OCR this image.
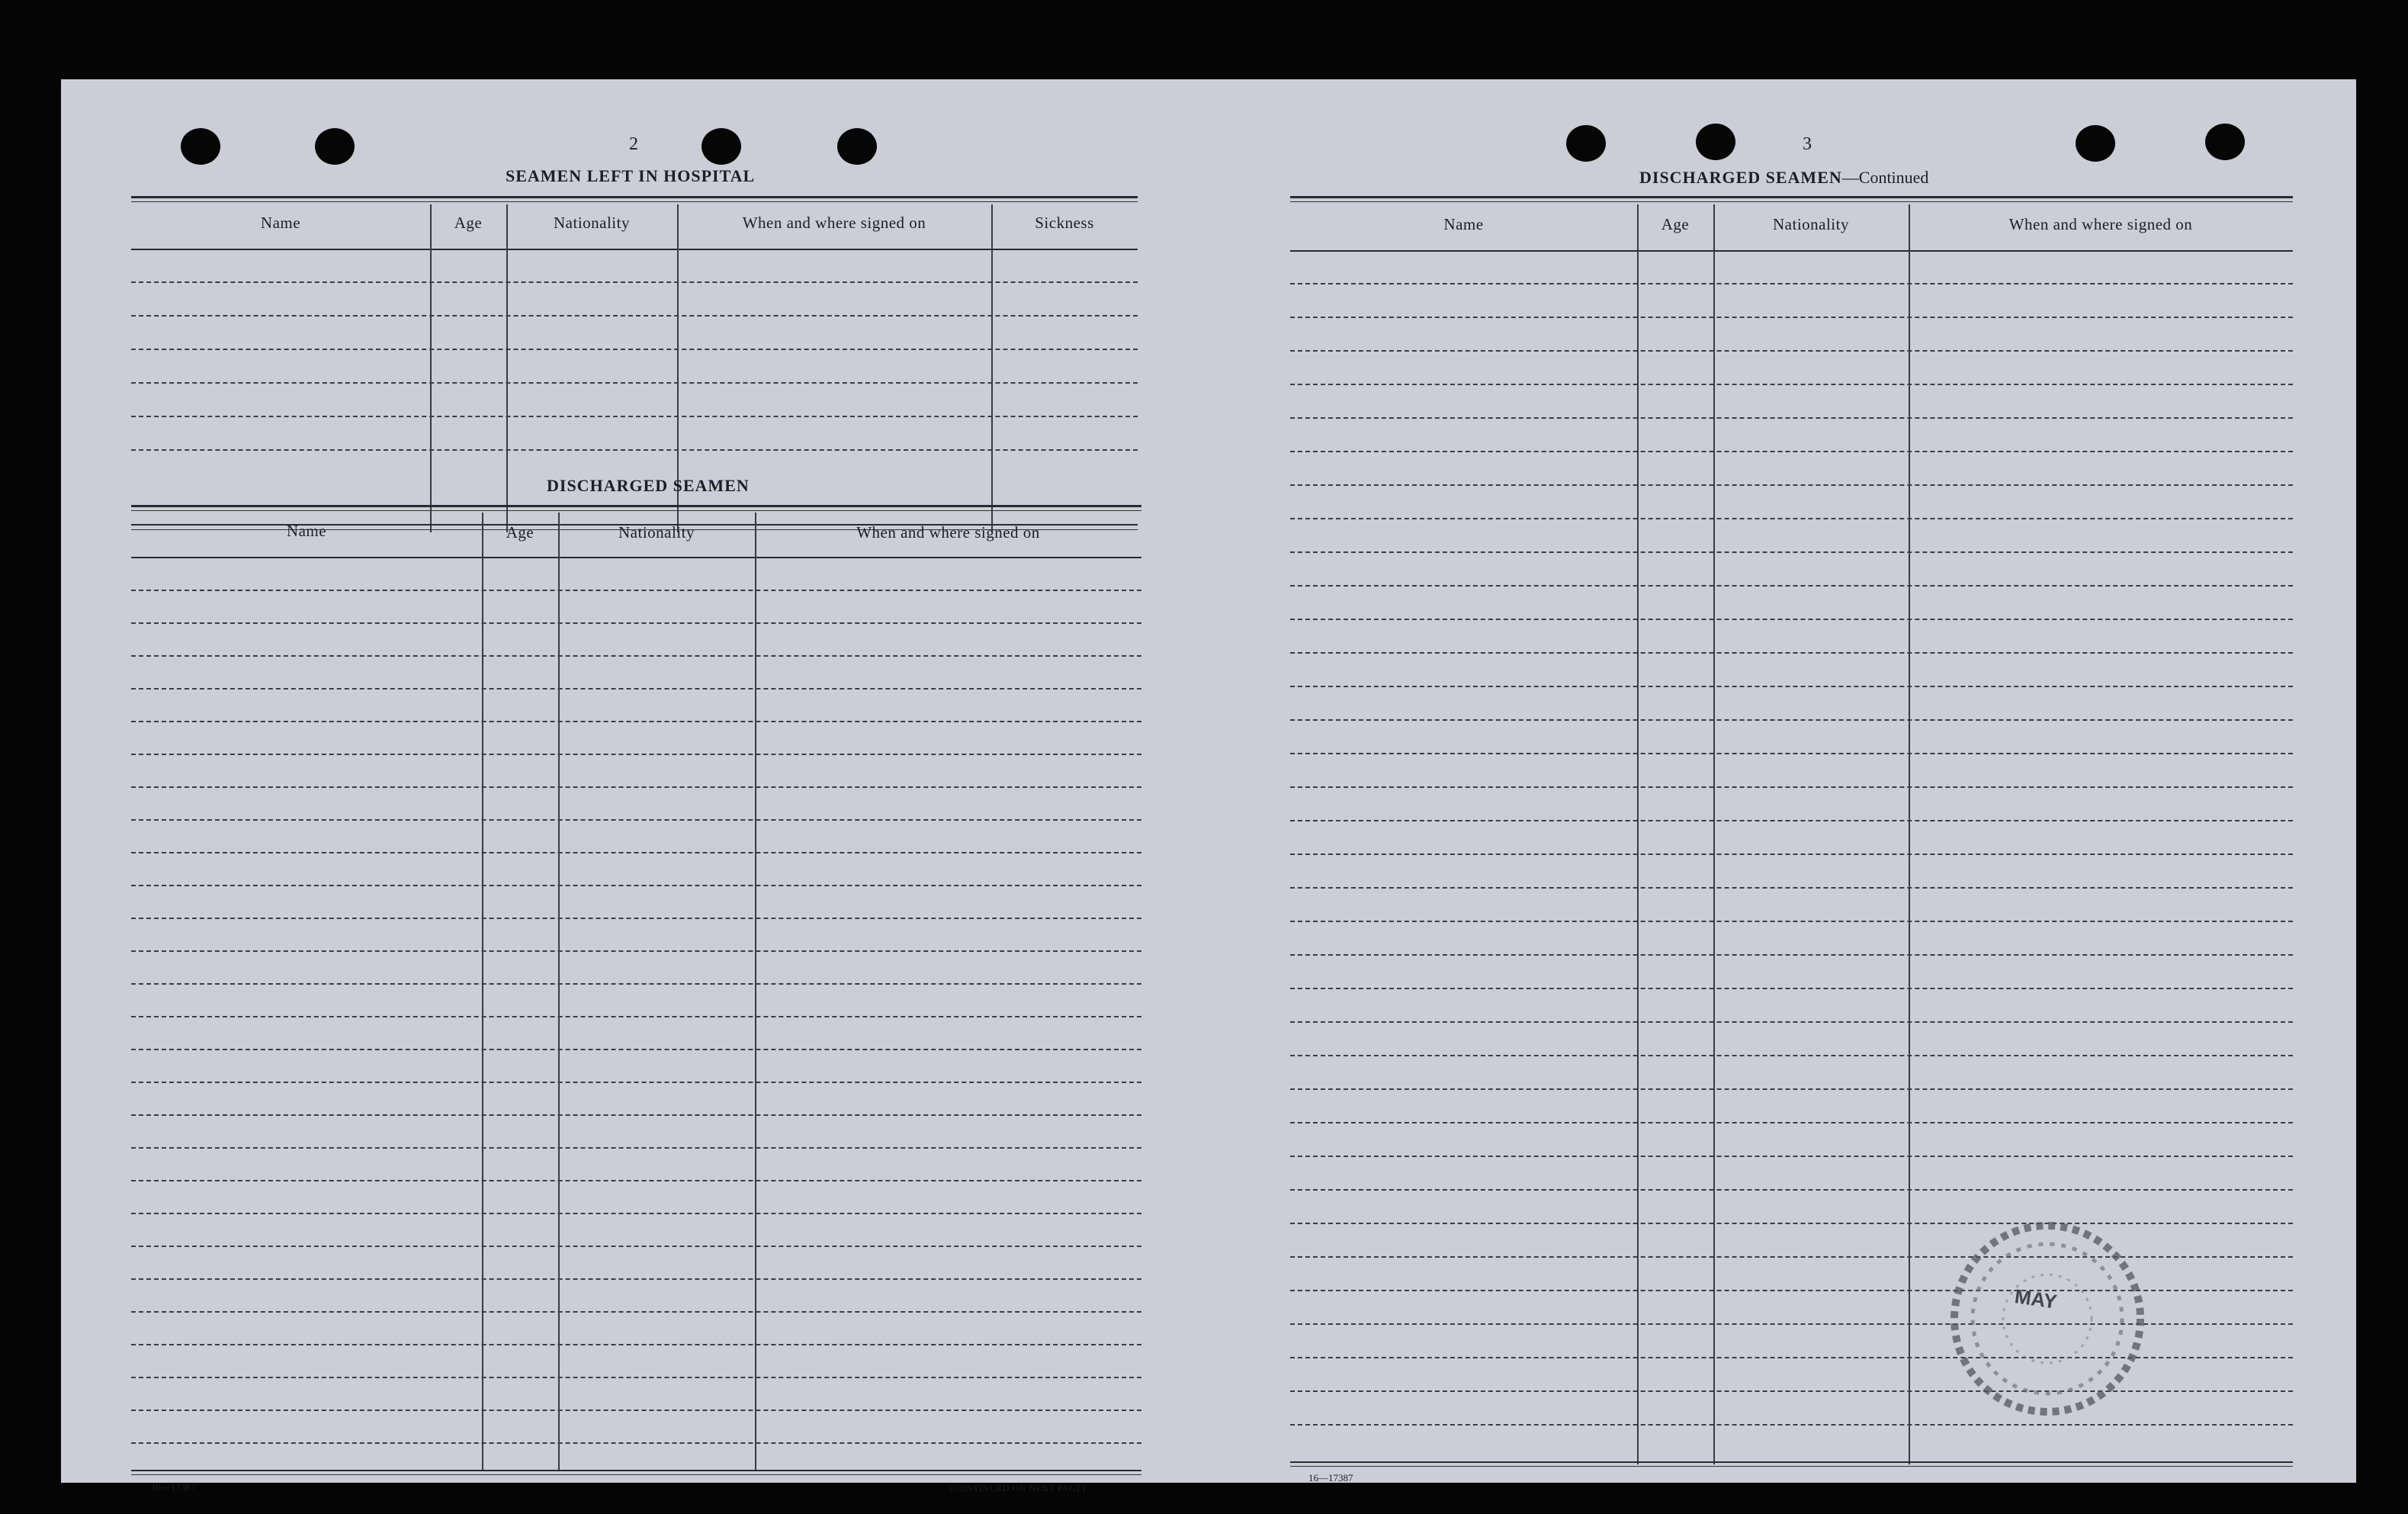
2
SEAMEN LEFT IN HOSPITAL
Name	Age	Nationality	When and where signed on	Sickness
DISCHARGED SEAMEN
Name	Age	Nationality	When and where signed on
16—17387	[CONTINUED ON NEXT PAGE]
3
DISCHARGED SEAMEN—Continued
Name	Age	Nationality	When and where signed on
16—17387
MAY
